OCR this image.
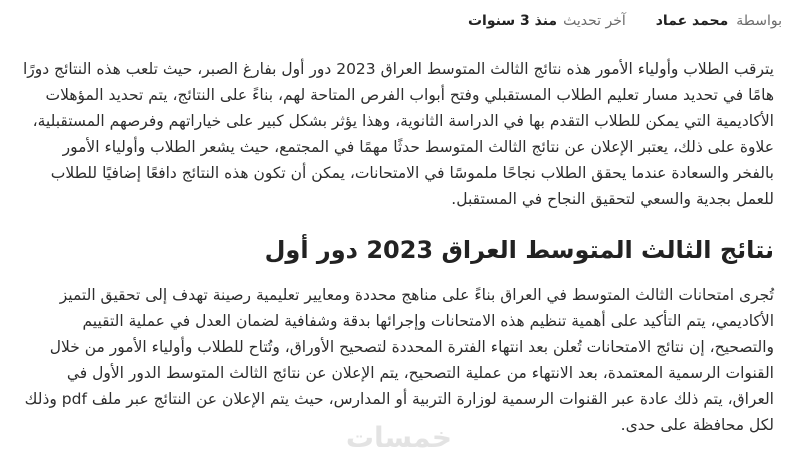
بواسطة
محمد عماد
آخر تحديث
منذ 3 سنوات

يترقب الطلاب وأولياء الأمور هذه نتائج الثالث المتوسط العراق 2023 دور أول بفارغ الصبر، حيث تلعب هذه النتائج دورًا هامًا في تحديد مسار تعليم الطلاب المستقبلي وفتح أبواب الفرص المتاحة لهم، بناءً على النتائج، يتم تحديد المؤهلات الأكاديمية التي يمكن للطلاب التقدم بها في الدراسة الثانوية، وهذا يؤثر بشكل كبير على خياراتهم وفرصهم المستقبلية، علاوة على ذلك، يعتبر الإعلان عن نتائج الثالث المتوسط حدثًا مهمًا في المجتمع، حيث يشعر الطلاب وأولياء الأمور بالفخر والسعادة عندما يحقق الطلاب نجاحًا ملموسًا في الامتحانات، يمكن أن تكون هذه النتائج دافعًا إضافيًا للطلاب للعمل بجدية والسعي لتحقيق النجاح في المستقبل.

نتائج الثالث المتوسط العراق 2023 دور أول

تُجرى امتحانات الثالث المتوسط في العراق بناءً على مناهج محددة ومعايير تعليمية رصينة تهدف إلى تحقيق التميز الأكاديمي، يتم التأكيد على أهمية تنظيم هذه الامتحانات وإجرائها بدقة وشفافية لضمان العدل في عملية التقييم والتصحيح، إن نتائج الامتحانات تُعلن بعد انتهاء الفترة المحددة لتصحيح الأوراق، وتُتاح للطلاب وأولياء الأمور من خلال القنوات الرسمية المعتمدة، بعد الانتهاء من عملية التصحيح، يتم الإعلان عن نتائج الثالث المتوسط الدور الأول في العراق، يتم ذلك عادة عبر القنوات الرسمية لوزارة التربية أو المدارس، حيث يتم الإعلان عن النتائج عبر ملف pdf وذلك لكل محافظة على حدى.

خمسات
